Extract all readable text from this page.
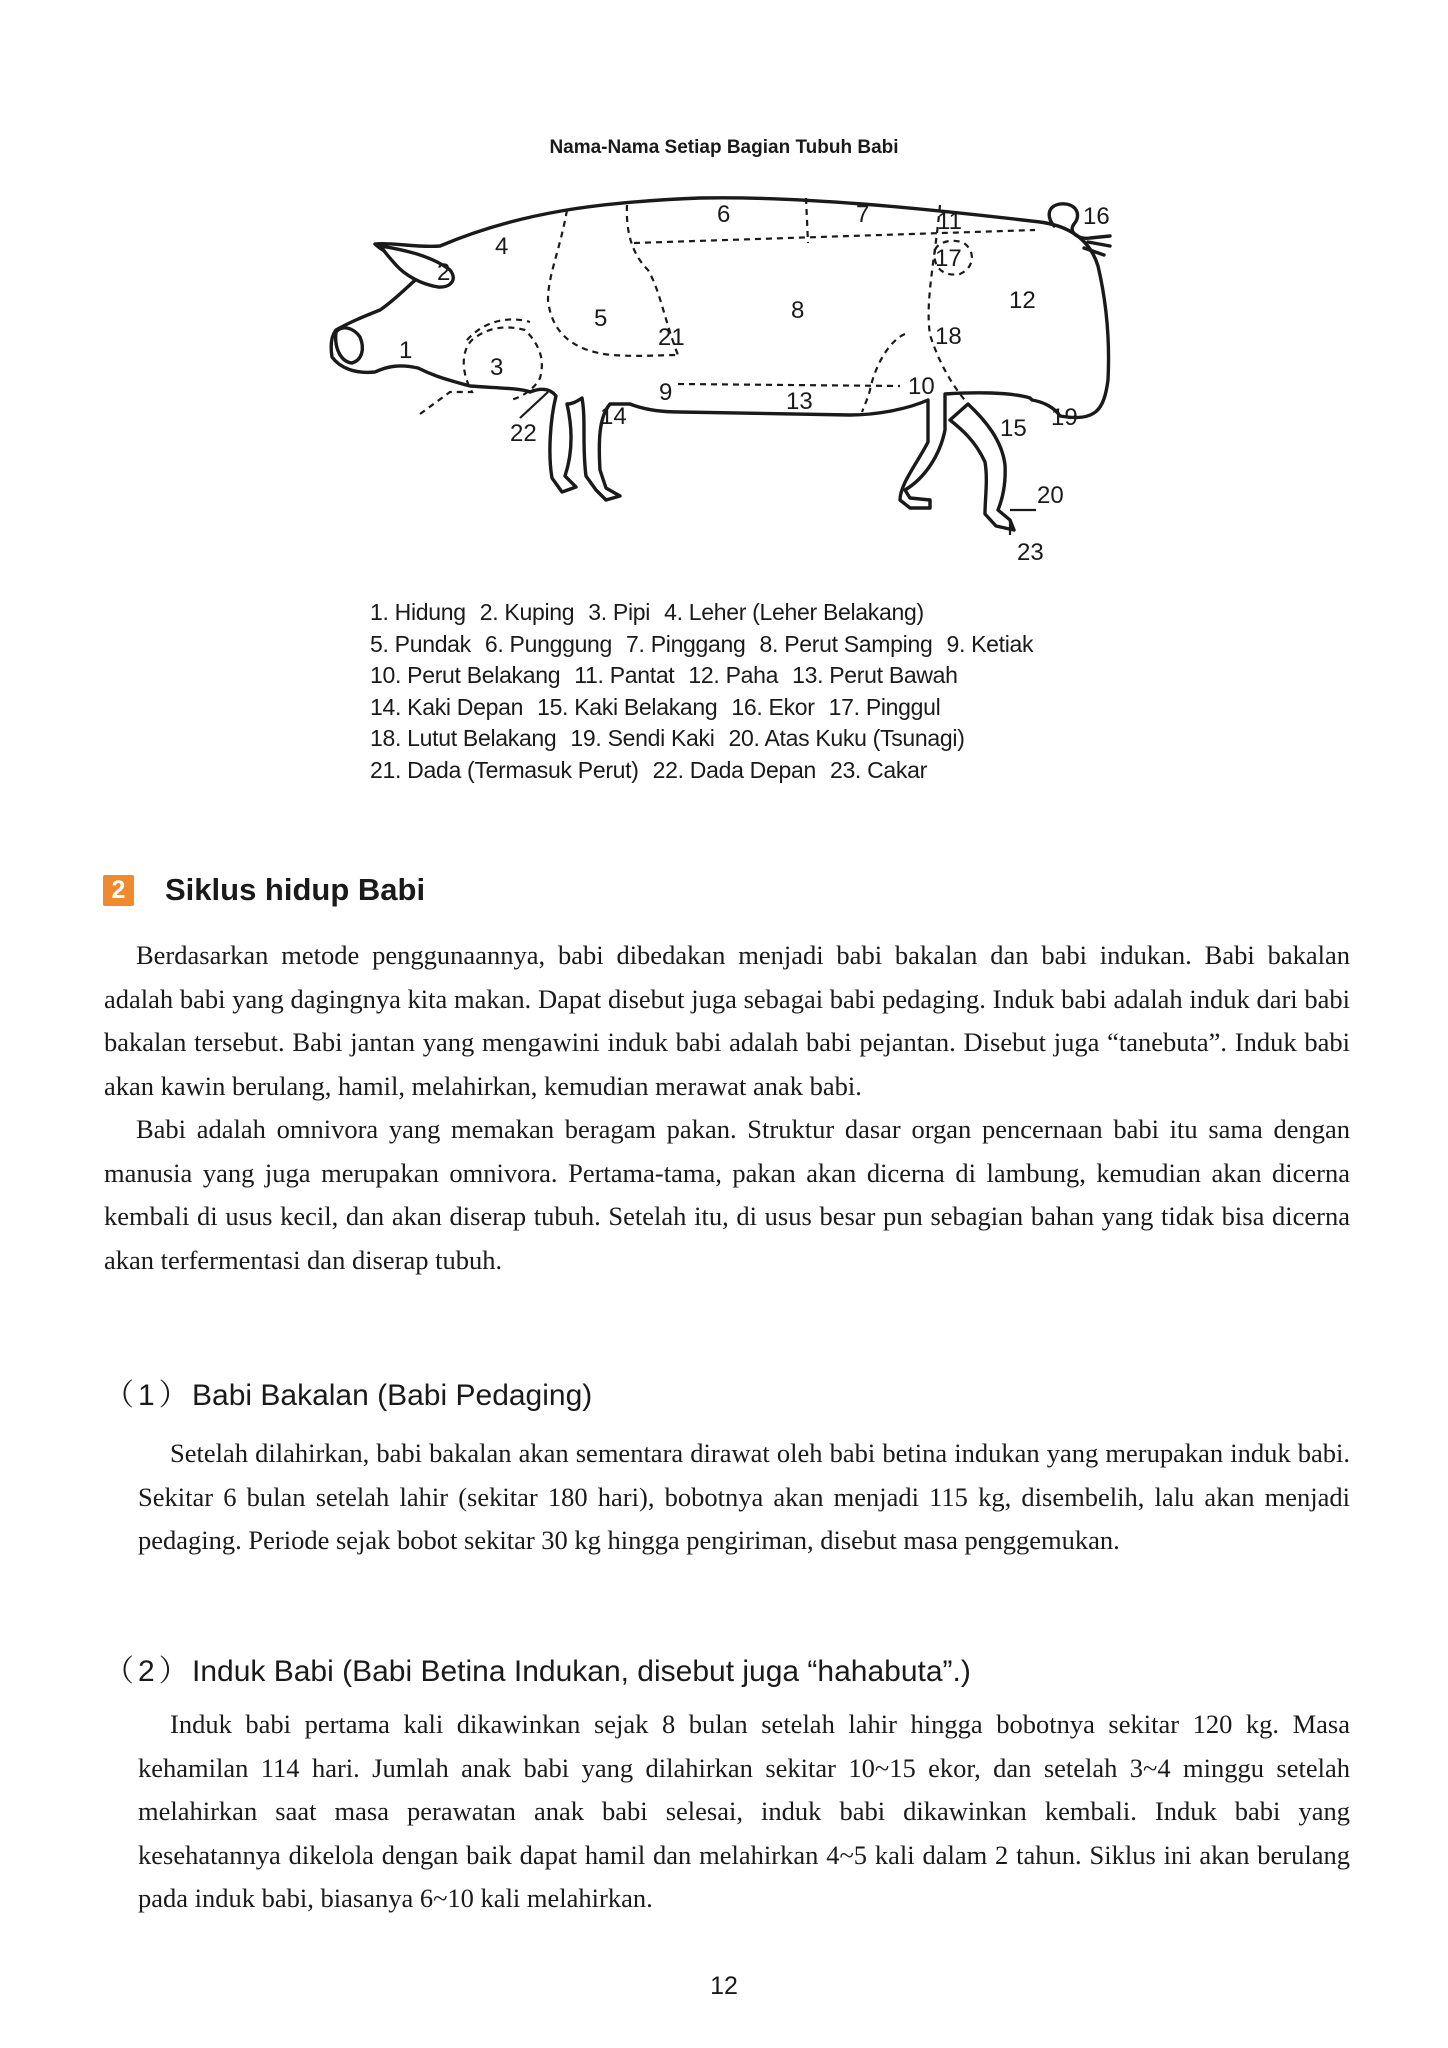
Nama-Nama Setiap Bagian Tubuh Babi
1
2
3
4
5
6	7
8
9	10
11
12
13
14	15
16
17
18
19
20
21
22
23
1. Hidung 2. Kuping 3. Pipi 4. Leher (Leher Belakang)
5. Pundak 6. Punggung 7. Pinggang 8. Perut Samping 9. Ketiak
10. Perut Belakang 11. Pantat 12. Paha 13. Perut Bawah
14. Kaki Depan 15. Kaki Belakang 16. Ekor 17. Pinggul
18. Lutut Belakang 19. Sendi Kaki 20. Atas Kuku (Tsunagi)
21. Dada (Termasuk Perut) 22. Dada Depan 23. Cakar
2 Siklus hidup Babi

Berdasarkan metode penggunaannya, babi dibedakan menjadi babi bakalan dan babi indukan. Babi bakalan adalah babi yang dagingnya kita makan. Dapat disebut juga sebagai babi pedaging. Induk babi adalah induk dari babi bakalan tersebut. Babi jantan yang mengawini induk babi adalah babi pejantan. Disebut juga “tanebuta”. Induk babi akan kawin berulang, hamil, melahirkan, kemudian merawat anak babi.

Babi adalah omnivora yang memakan beragam pakan. Struktur dasar organ pencernaan babi itu sama dengan manusia yang juga merupakan omnivora. Pertama-tama, pakan akan dicerna di lambung, kemudian akan dicerna kembali di usus kecil, dan akan diserap tubuh. Setelah itu, di usus besar pun sebagian bahan yang tidak bisa dicerna akan terfermentasi dan diserap tubuh.

（1）Babi Bakalan (Babi Pedaging)

Setelah dilahirkan, babi bakalan akan sementara dirawat oleh babi betina indukan yang merupakan induk babi. Sekitar 6 bulan setelah lahir (sekitar 180 hari), bobotnya akan menjadi 115 kg, disembelih, lalu akan menjadi pedaging. Periode sejak bobot sekitar 30 kg hingga pengiriman, disebut masa penggemukan.

（2）Induk Babi (Babi Betina Indukan, disebut juga “hahabuta”.)

Induk babi pertama kali dikawinkan sejak 8 bulan setelah lahir hingga bobotnya sekitar 120 kg. Masa kehamilan 114 hari. Jumlah anak babi yang dilahirkan sekitar 10~15 ekor, dan setelah 3~4 minggu setelah melahirkan saat masa perawatan anak babi selesai, induk babi dikawinkan kembali. Induk babi yang kesehatannya dikelola dengan baik dapat hamil dan melahirkan 4~5 kali dalam 2 tahun. Siklus ini akan berulang pada induk babi, biasanya 6~10 kali melahirkan.

12
